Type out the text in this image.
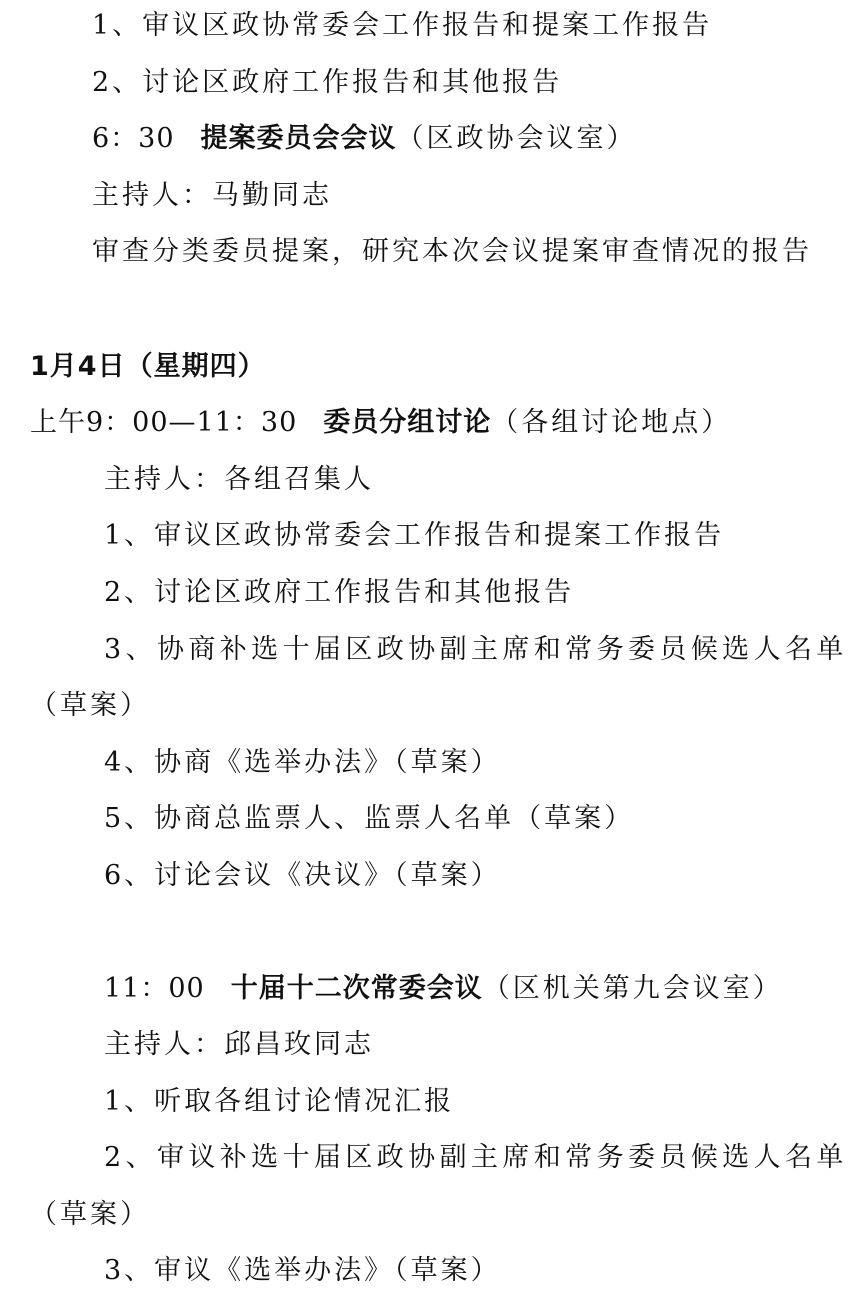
1、审议区政协常委会工作报告和提案工作报告
2、讨论区政府工作报告和其他报告
6：30 提案委员会会议（区政协会议室）
主持人：马勤同志
审查分类委员提案，研究本次会议提案审查情况的报告
1月4日（星期四）
上午9：00—11：30 委员分组讨论（各组讨论地点）
主持人：各组召集人
1、审议区政协常委会工作报告和提案工作报告
2、讨论区政府工作报告和其他报告
3、协商补选十届区政协副主席和常务委员候选人名单
（草案）
4、协商《选举办法》（草案）
5、协商总监票人、监票人名单（草案）
6、讨论会议《决议》（草案）
11：00 十届十二次常委会议（区机关第九会议室）
主持人：邱昌玫同志
1、听取各组讨论情况汇报
2、审议补选十届区政协副主席和常务委员候选人名单
（草案）
3、审议《选举办法》（草案）
